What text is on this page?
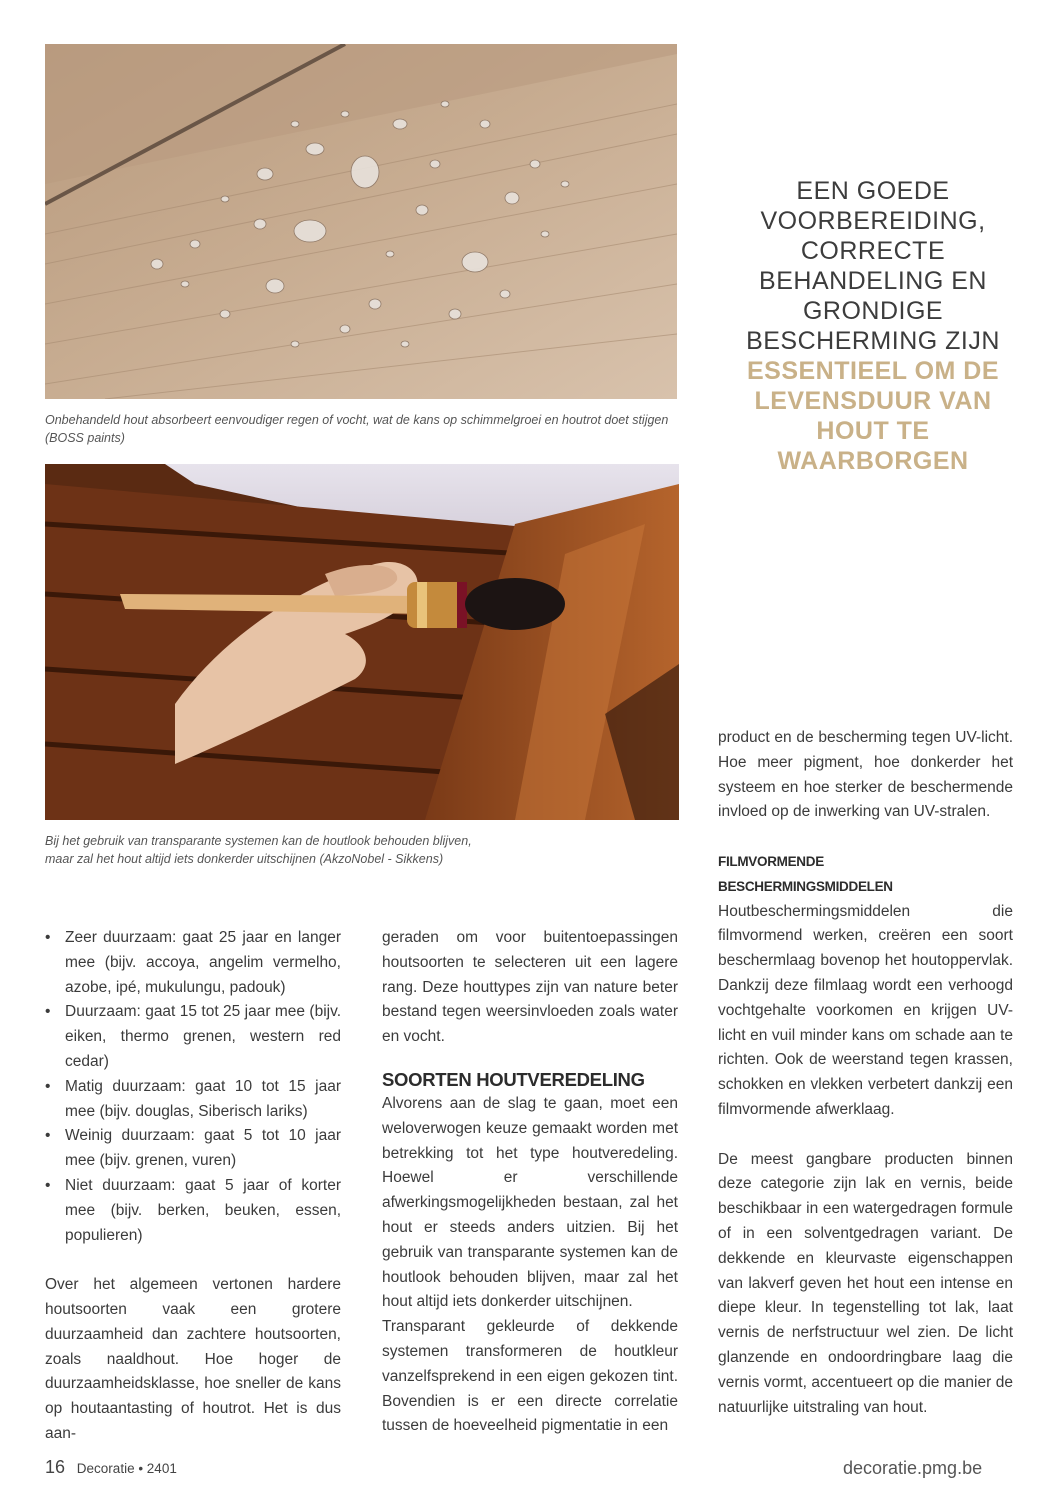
Onbehandeld hout absorbeert eenvoudiger regen of vocht, wat de kans op schimmelgroei en houtrot doet stijgen (BOSS paints)

Bij het gebruik van transparante systemen kan de houtlook behouden blijven,
maar zal het hout altijd iets donkerder uitschijnen (AkzoNobel - Sikkens)

EEN GOEDE
VOORBEREIDING,
CORRECTE
BEHANDELING EN
GRONDIGE
BESCHERMING ZIJN
ESSENTIEEL OM DE
LEVENSDUUR VAN
HOUT TE
WAARBORGEN
• Zeer duurzaam: gaat 25 jaar en langer mee (bijv. accoya, angelim vermelho, azobe, ipé, mukulungu, padouk)
• Duurzaam: gaat 15 tot 25 jaar mee (bijv. eiken, thermo grenen, western red cedar)
• Matig duurzaam: gaat 10 tot 15 jaar mee (bijv. douglas, Siberisch lariks)
• Weinig duurzaam: gaat 5 tot 10 jaar mee (bijv. grenen, vuren)
• Niet duurzaam: gaat 5 jaar of korter mee (bijv. berken, beuken, essen, populieren)

Over het algemeen vertonen hardere houtsoorten vaak een grotere duurzaamheid dan zachtere houtsoorten, zoals naaldhout. Hoe hoger de duurzaamheidsklasse, hoe sneller de kans op houtaantasting of houtrot. Het is dus aan-

geraden om voor buitentoepassingen houtsoorten te selecteren uit een lagere rang. Deze houttypes zijn van nature beter bestand tegen weersinvloeden zoals water en vocht.

SOORTEN HOUTVEREDELING

Alvorens aan de slag te gaan, moet een weloverwogen keuze gemaakt worden met betrekking tot het type houtveredeling. Hoewel er verschillende afwerkingsmogelijkheden bestaan, zal het hout er steeds anders uitzien. Bij het gebruik van transparante systemen kan de houtlook behouden blijven, maar zal het hout altijd iets donkerder uitschijnen.

Transparant gekleurde of dekkende systemen transformeren de houtkleur vanzelfsprekend in een eigen gekozen tint. Bovendien is er een directe correlatie tussen de hoeveelheid pigmentatie in een

product en de bescherming tegen UV-licht. Hoe meer pigment, hoe donkerder het systeem en hoe sterker de beschermende invloed op de inwerking van UV-stralen.

FILMVORMENDE
BESCHERMINGSMIDDELEN

Houtbeschermingsmiddelen die filmvormend werken, creëren een soort beschermlaag bovenop het houtoppervlak. Dankzij deze filmlaag wordt een verhoogd vochtgehalte voorkomen en krijgen UV-licht en vuil minder kans om schade aan te richten. Ook de weerstand tegen krassen, schokken en vlekken verbetert dankzij een filmvormende afwerklaag.

De meest gangbare producten binnen deze categorie zijn lak en vernis, beide beschikbaar in een watergedragen formule of in een solventgedragen variant. De dekkende en kleurvaste eigenschappen van lakverf geven het hout een intense en diepe kleur. In tegenstelling tot lak, laat vernis de nerfstructuur wel zien. De licht glanzende en ondoordringbare laag die vernis vormt, accentueert op die manier de natuurlijke uitstraling van hout.

16 Decoratie • 2401	decoratie.pmg.be
